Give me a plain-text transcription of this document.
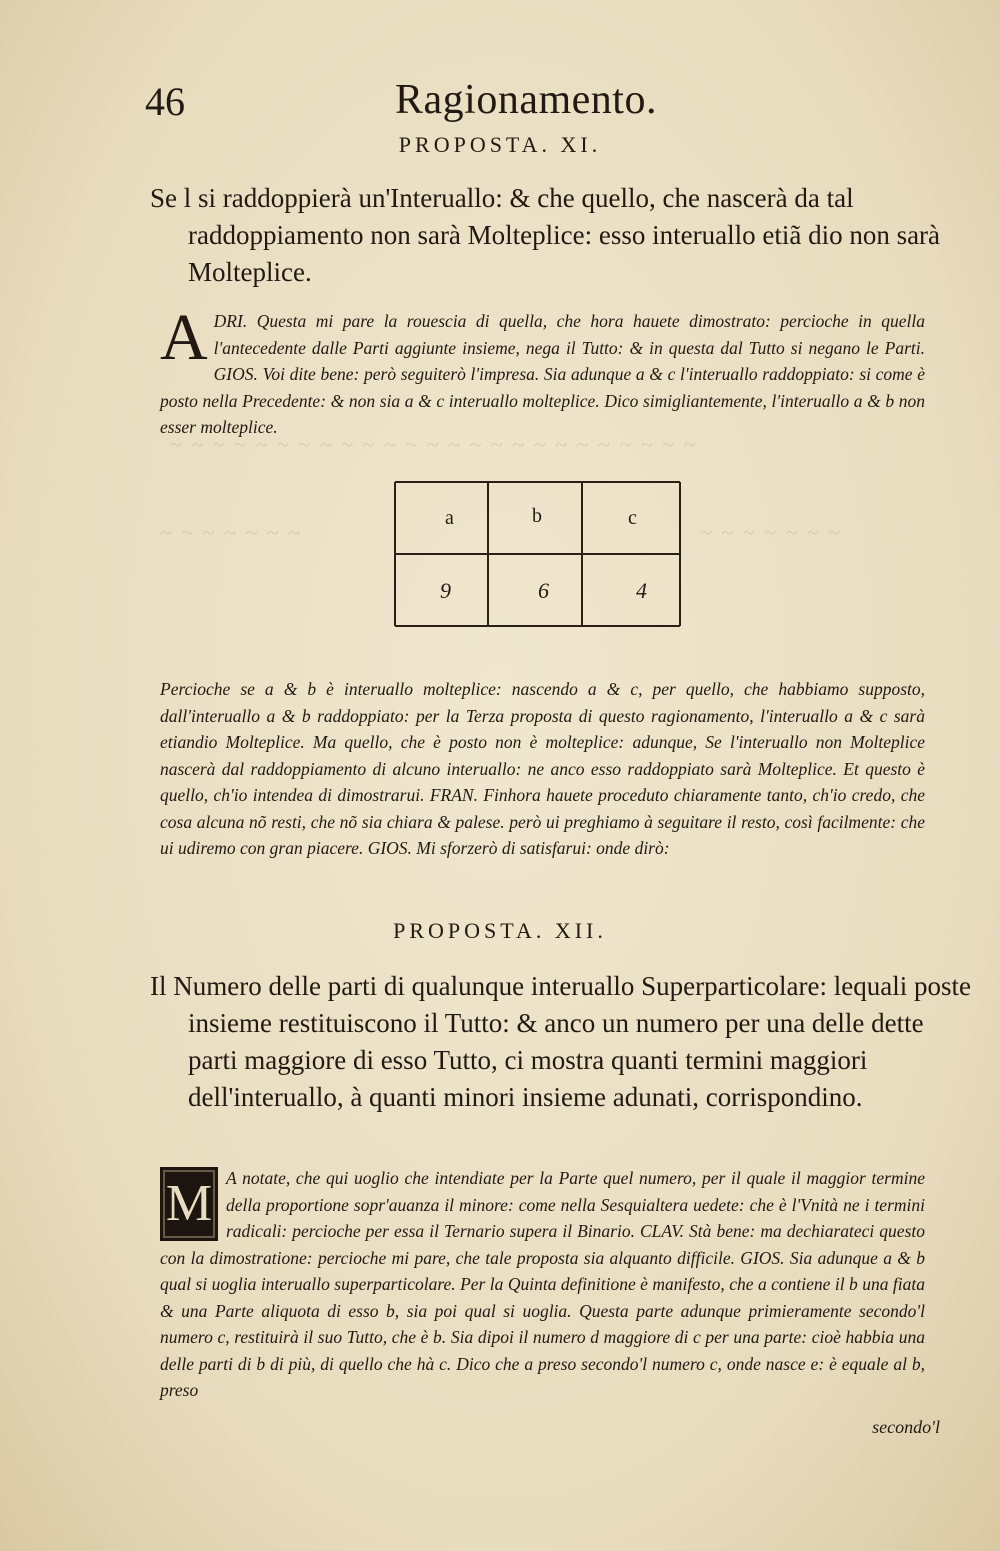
~ ~ ~ ~ ~ ~ ~ ~ ~ ~ ~ ~ ~ ~ ~ ~ ~ ~ ~ ~ ~ ~ ~ ~ ~
~ ~ ~ ~ ~ ~ ~	~ ~ ~ ~ ~ ~ ~
46	Ragionamento.
PROPOSTA. XI.
Se l si raddoppierà un'Interuallo: & che quello, che nascerà da tal raddoppiamento non sarà Molteplice: esso interuallo etiã dio non sarà Molteplice.
ADRI. Questa mi pare la rouescia di quella, che hora hauete dimostrato: percioche in quella l'antecedente dalle Parti aggiunte insieme, nega il Tutto: & in questa dal Tutto si negano le Parti. GIOS. Voi dite bene: però seguiterò l'impresa. Sia adunque a & c l'interuallo raddoppiato: si come è posto nella Precedente: & non sia a & c interuallo molteplice. Dico simigliantemente, l'interuallo a & b non esser molteplice.
a	b	c
9	6	4
Percioche se a & b è interuallo molteplice: nascendo a & c, per quello, che habbiamo supposto, dall'interuallo a & b raddoppiato: per la Terza proposta di questo ragionamento, l'interuallo a & c sarà etiandio Molteplice. Ma quello, che è posto non è molteplice: adunque, Se l'interuallo non Molteplice nascerà dal raddoppiamento di alcuno interuallo: ne anco esso raddoppiato sarà Molteplice. Et questo è quello, ch'io intendea di dimostrarui. FRAN. Finhora hauete proceduto chiaramente tanto, ch'io credo, che cosa alcuna nõ resti, che nõ sia chiara & palese. però ui preghiamo à seguitare il resto, così facilmente: che ui udiremo con gran piacere. GIOS. Mi sforzerò di satisfarui: onde dirò:
PROPOSTA. XII.
Il Numero delle parti di qualunque interuallo Superparticolare: lequali poste insieme restituiscono il Tutto: & anco un numero per una delle dette parti maggiore di esso Tutto, ci mostra quanti termini maggiori dell'interuallo, à quanti minori insieme adunati, corrispondino.
M A notate, che qui uoglio che intendiate per la Parte quel numero, per il quale il maggior termine della proportione sopr'auanza il minore: come nella Sesquialtera uedete: che è l'Vnità ne i termini radicali: percioche per essa il Ternario supera il Binario. CLAV. Stà bene: ma dechiarateci questo con la dimostratione: percioche mi pare, che tale proposta sia alquanto difficile. GIOS. Sia adunque a & b qual si uoglia interuallo superparticolare. Per la Quinta definitione è manifesto, che a contiene il b una fiata & una Parte aliquota di esso b, sia poi qual si uoglia. Questa parte adunque primieramente secondo'l numero c, restituirà il suo Tutto, che è b. Sia dipoi il numero d maggiore di c per una parte: cioè habbia una delle parti di b di più, di quello che hà c. Dico che a preso secondo'l numero c, onde nasce e: è equale al b, preso
secondo'l
